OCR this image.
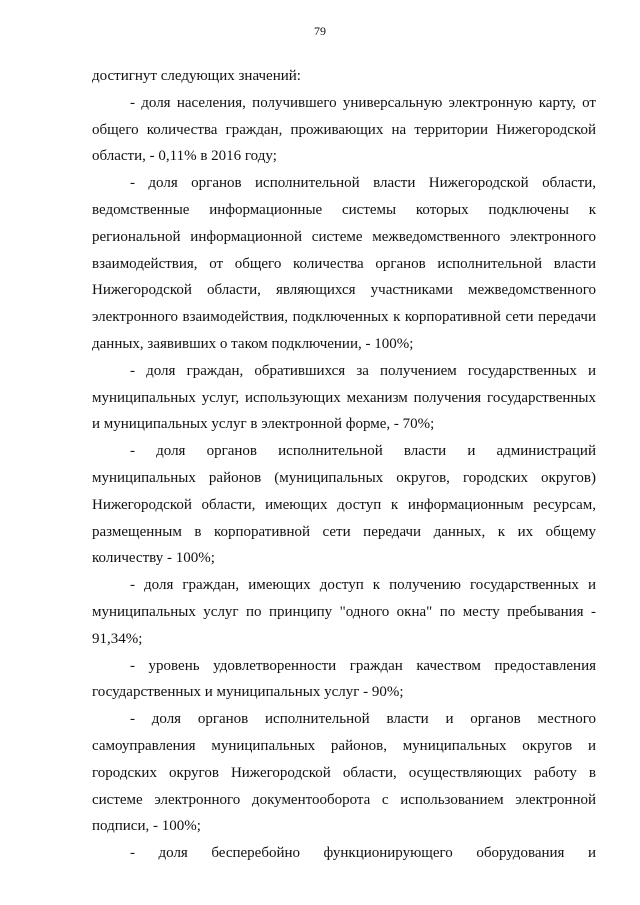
79

достигнут следующих значений:

- доля населения, получившего универсальную электронную карту, от общего количества граждан, проживающих на территории Нижегородской области, - 0,11% в 2016 году;

- доля органов исполнительной власти Нижегородской области, ведомственные информационные системы которых подключены к региональной информационной системе межведомственного электронного взаимодействия, от общего количества органов исполнительной власти Нижегородской области, являющихся участниками межведомственного электронного взаимодействия, подключенных к корпоративной сети передачи данных, заявивших о таком подключении, - 100%;

- доля граждан, обратившихся за получением государственных и муниципальных услуг, использующих механизм получения государственных и муниципальных услуг в электронной форме, - 70%;

- доля органов исполнительной власти и администраций муниципальных районов (муниципальных округов, городских округов) Нижегородской области, имеющих доступ к информационным ресурсам, размещенным в корпоративной сети передачи данных, к их общему количеству - 100%;

- доля граждан, имеющих доступ к получению государственных и муниципальных услуг по принципу "одного окна" по месту пребывания - 91,34%;

- уровень удовлетворенности граждан качеством предоставления государственных и муниципальных услуг - 90%;

- доля органов исполнительной власти и органов местного самоуправления муниципальных районов, муниципальных округов и городских округов Нижегородской области, осуществляющих работу в системе электронного документооборота с использованием электронной подписи, - 100%;

- доля бесперебойно функционирующего оборудования и
